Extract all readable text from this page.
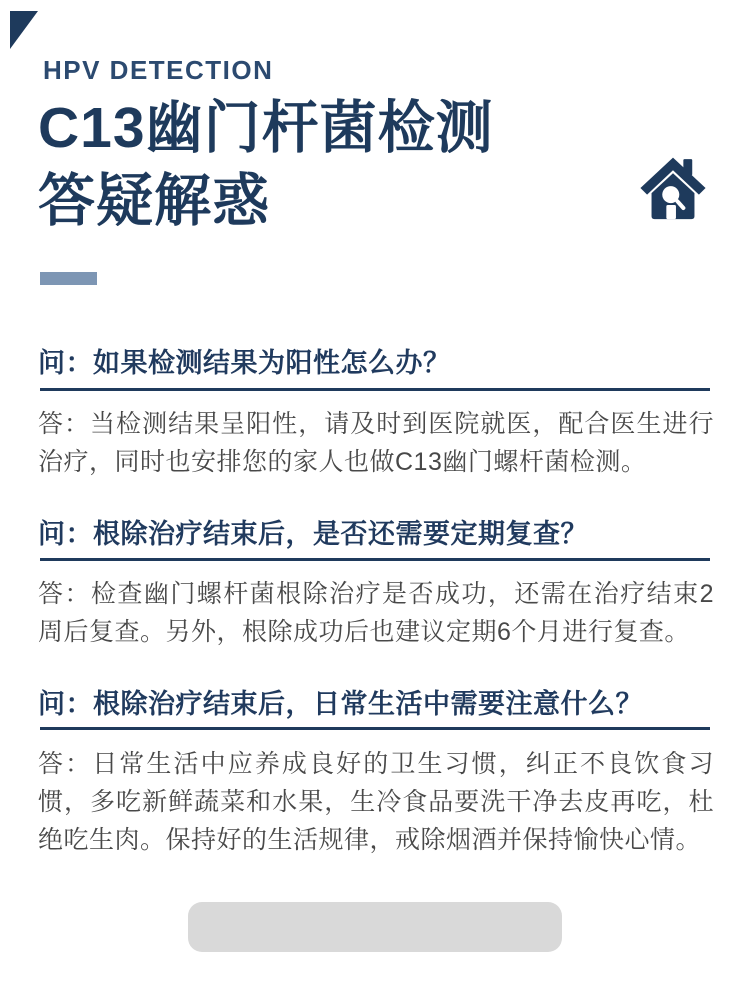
HPV DETECTION
C13幽门杆菌检测
答疑解惑
问：如果检测结果为阳性怎么办？
答：当检测结果呈阳性，请及时到医院就医，配合医生进行治疗，同时也安排您的家人也做C13幽门螺杆菌检测。
问：根除治疗结束后，是否还需要定期复查？
答：检查幽门螺杆菌根除治疗是否成功，还需在治疗结束2周后复查。另外，根除成功后也建议定期6个月进行复查。
问：根除治疗结束后，日常生活中需要注意什么？
答：日常生活中应养成良好的卫生习惯，纠正不良饮食习惯，多吃新鲜蔬菜和水果，生冷食品要洗干净去皮再吃，杜绝吃生肉。保持好的生活规律，戒除烟酒并保持愉快心情。
